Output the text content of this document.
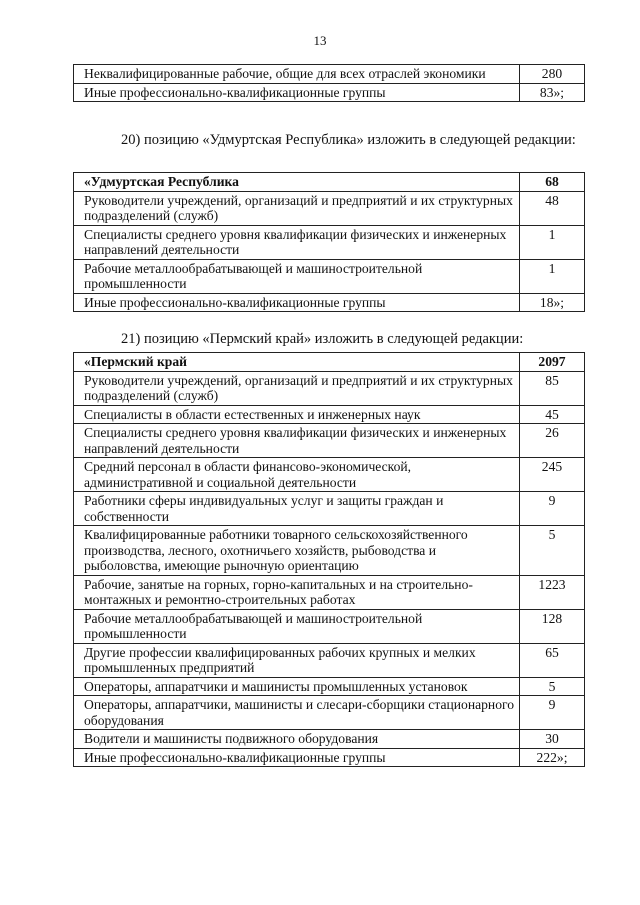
13
Неквалифицированные рабочие, общие для всех отраслей экономики	280
Иные профессионально-квалификационные группы	83»;

20) позицию «Удмуртская Республика» изложить в следующей редакции:

«Удмуртская Республика	68
Руководители учреждений, организаций и предприятий и их структурных подразделений (служб)	48
Специалисты среднего уровня квалификации физических и инженерных направлений деятельности	1
Рабочие металлообрабатывающей и машиностроительной промышленности	1
Иные профессионально-квалификационные группы	18»;

21) позицию «Пермский край» изложить в следующей редакции:

«Пермский край	2097
Руководители учреждений, организаций и предприятий и их структурных подразделений (служб)	85
Специалисты в области естественных и инженерных наук	45
Специалисты среднего уровня квалификации физических и инженерных направлений деятельности	26
Средний персонал в области финансово-экономической, административной и социальной деятельности	245
Работники сферы индивидуальных услуг и защиты граждан и собственности	9
Квалифицированные работники товарного сельскохозяйственного производства, лесного, охотничьего хозяйств, рыбоводства и рыболовства, имеющие рыночную ориентацию	5
Рабочие, занятые на горных, горно-капитальных и на строительно-монтажных и ремонтно-строительных работах	1223
Рабочие металлообрабатывающей и машиностроительной промышленности	128
Другие профессии квалифицированных рабочих крупных и мелких промышленных предприятий	65
Операторы, аппаратчики и машинисты промышленных установок	5
Операторы, аппаратчики, машинисты и слесари-сборщики стационарного оборудования	9
Водители и машинисты подвижного оборудования	30
Иные профессионально-квалификационные группы	222»;
